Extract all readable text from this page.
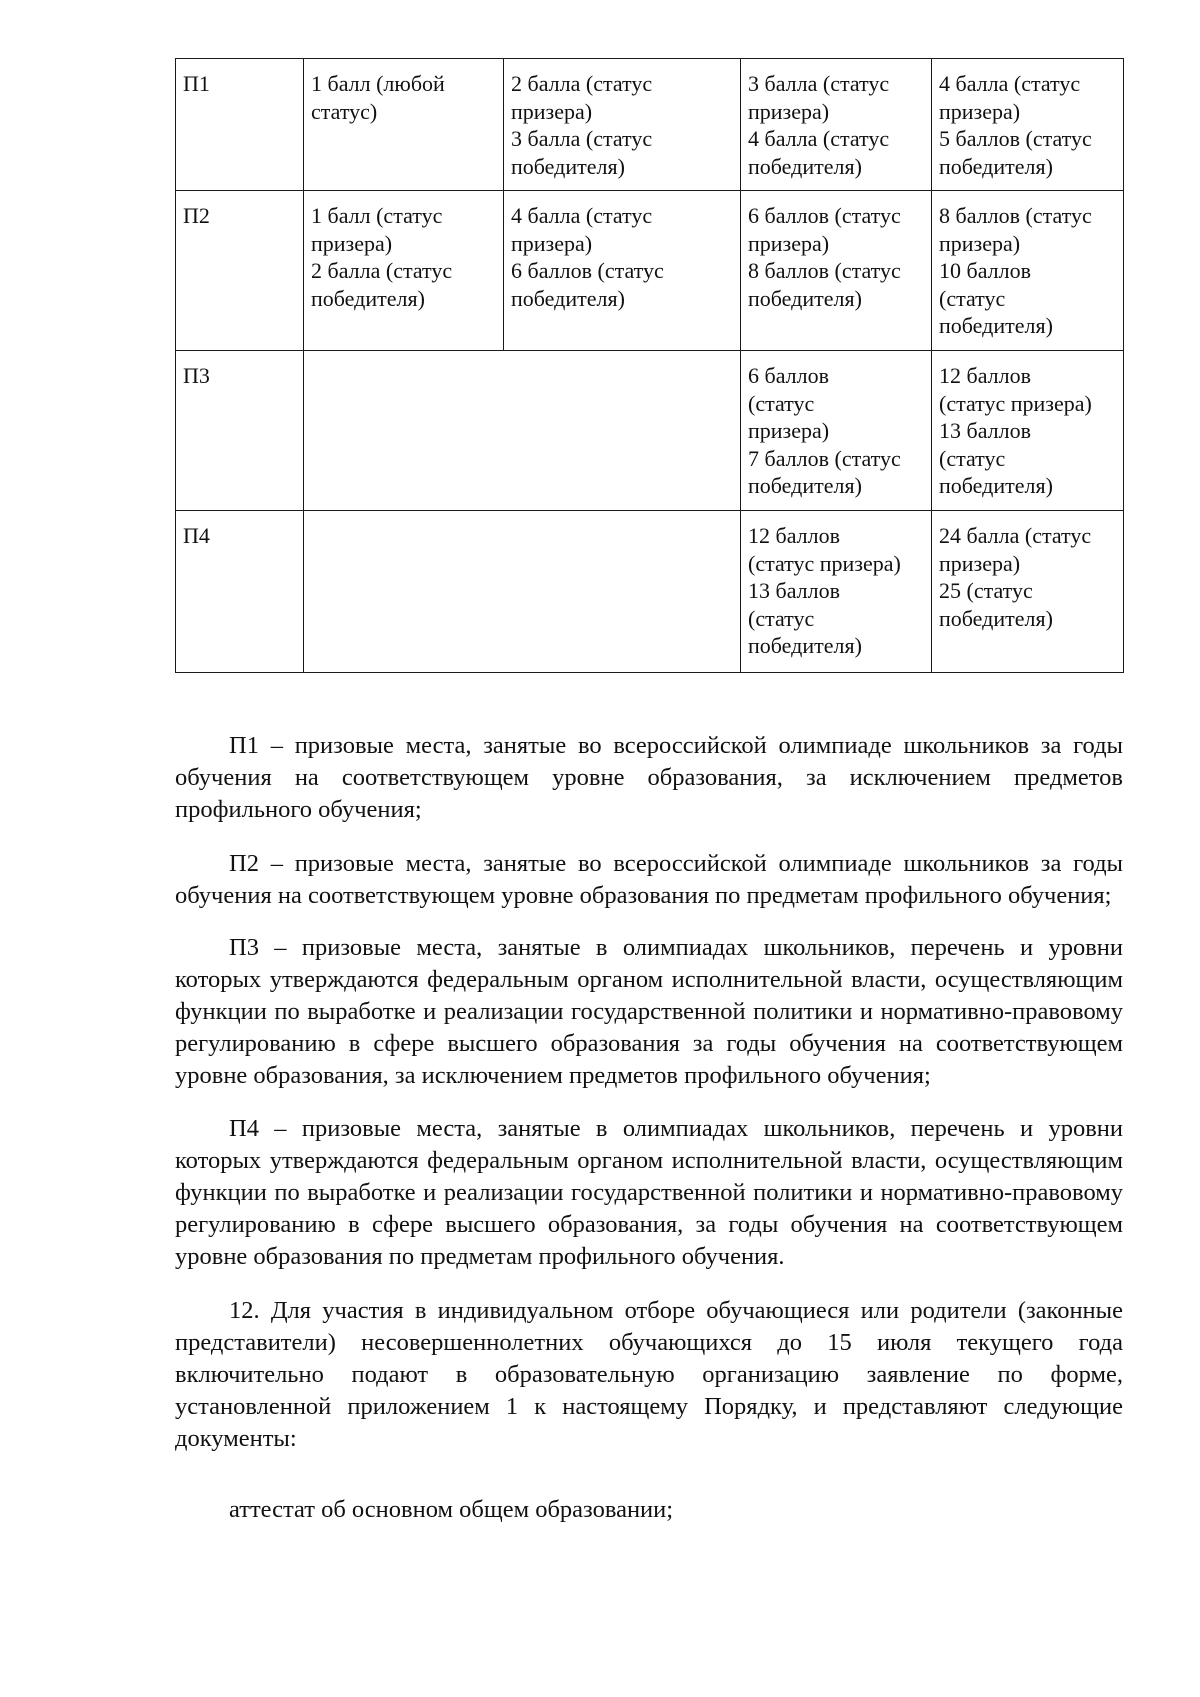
П1	1 балл (любой
статус)	2 балла (статус
призера)
3 балла (статус
победителя)	3 балла (статус
призера)
4 балла (статус
победителя)	4 балла (статус
призера)
5 баллов (статус
победителя)

П2	1 балл (статус
призера)
2 балла (статус
победителя)	4 балла (статус
призера)
6 баллов (статус
победителя)	6 баллов (статус
призера)
8 баллов (статус
победителя)	8 баллов (статус
призера)
10 баллов
(статус
победителя)

П3			6 баллов
(статус
призера)
7 баллов (статус
победителя)	12 баллов
(статус призера)
13 баллов
(статус
победителя)

П4			12 баллов
(статус призера)
13 баллов
(статус
победителя)	24 балла (статус
призера)
25 (статус
победителя)

П1 – призовые места, занятые во всероссийской олимпиаде школьников за годы обучения на соответствующем уровне образования, за исключением предметов профильного обучения;

П2 – призовые места, занятые во всероссийской олимпиаде школьников за годы обучения на соответствующем уровне образования по предметам профильного обучения;

П3 – призовые места, занятые в олимпиадах школьников, перечень и уровни которых утверждаются федеральным органом исполнительной власти, осуществляющим функции по выработке и реализации государственной политики и нормативно-правовому регулированию в сфере высшего образования за годы обучения на соответствующем уровне образования, за исключением предметов профильного обучения;

П4 – призовые места, занятые в олимпиадах школьников, перечень и уровни которых утверждаются федеральным органом исполнительной власти, осуществляющим функции по выработке и реализации государственной политики и нормативно-правовому регулированию в сфере высшего образования, за годы обучения на соответствующем уровне образования по предметам профильного обучения.

12. Для участия в индивидуальном отборе обучающиеся или родители (законные представители) несовершеннолетних обучающихся до 15 июля текущего года включительно подают в образовательную организацию заявление по форме, установленной приложением 1 к настоящему Порядку, и представляют следующие документы:

аттестат об основном общем образовании;
